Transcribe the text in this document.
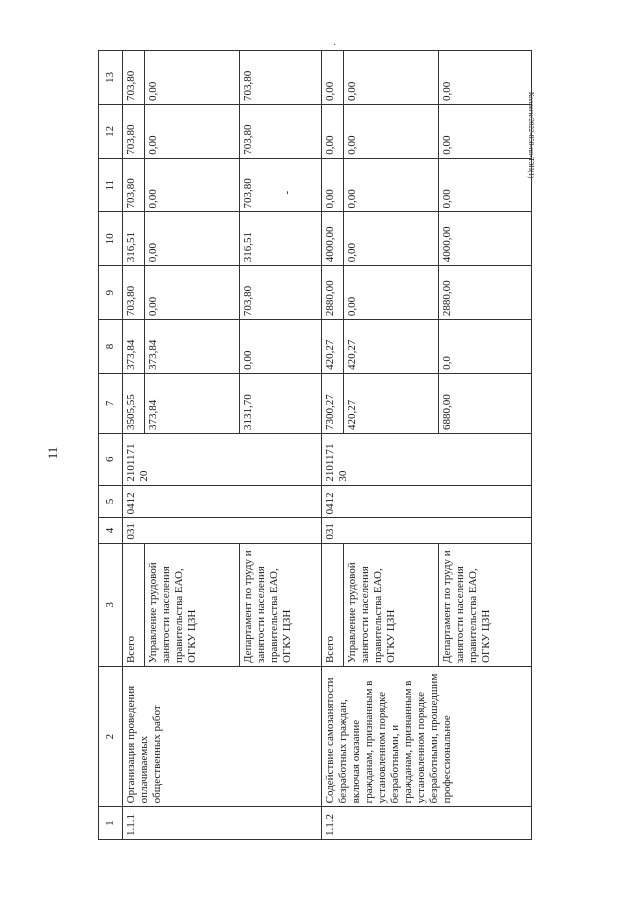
11
Коллеги/2022-858-пп-ТЗН(1)
·
1	2	3	4	5	6	7	8	9	10	11	12	13
1.1.1	Организация проведения оплачиваемых общественных работ	Всего	031	0412	2101171 20	3505,55	373,84	703,80	316,51	703,80	703,80	703,80
		Управление трудовой занятости населения правительства ЕАО, ОГКУ ЦЗН				373,84	373,84	0,00	0,00	0,00	0,00	0,00
		Департамент по труду и занятости населения правительства ЕАО, ОГКУ ЦЗН				3131,70	0,00	703,80	316,51	703,80 -	703,80	703,80
1.1.2	Содействие самозанятости безработных граждан, включая оказание гражданам, признанным в установленном порядке безработными, и гражданам, признанным в установленном порядке безработными, прошедшим профессиональное	Всего	031	0412	2101171 30	7300,27	420,27	2880,00	4000,00	0,00	0,00	0,00
		Управление трудовой занятости населения правительства ЕАО, ОГКУ ЦЗН				420,27	420,27	0,00	0,00	0,00	0,00	0,00
		Департамент по труду и занятости населения правительства ЕАО, ОГКУ ЦЗН				6880,00	0,0	2880,00	4000,00	0,00	0,00	0,00
